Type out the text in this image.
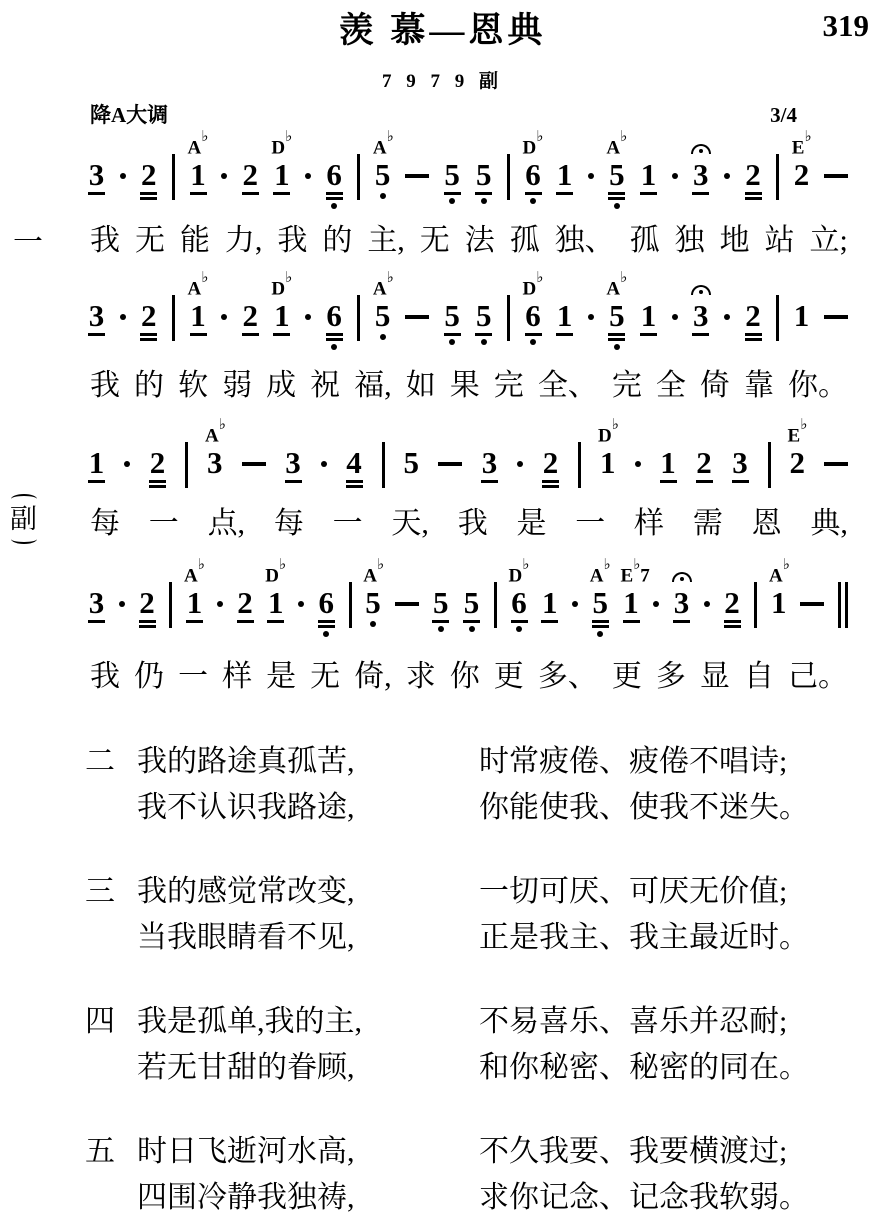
319
羡 慕—恩典
7 9 7 9 副
降A大调	3/4
3 2
A♭
1 2
D♭
1 6
A♭
5 5 5
D♭
6 1
A♭
5 1 3 2
E♭
2
一 我 无 能 力, 我 的 主, 无 法 孤 独、 孤 独 地 站 立;
3 2
A♭
1 2
D♭
1 6
A♭
5 5 5
D♭
6 1
A♭
5 1 3 2 1
我 的 软 弱 成 祝 福, 如 果 完 全、 完 全 倚 靠 你。
1 2
A♭
3 3 4 5 3 2
D♭
1 1 2 3
E♭
2
副 每 一 点, 每 一 天, 我 是 一 样 需 恩 典,
3 2
A♭
1 2
D♭
1 6
A♭
5 5 5
D♭
6 1
A♭
5
E♭7
1 3 2
A♭
1
我 仍 一 样 是 无 倚, 求 你 更 多、 更 多 显 自 己。
二 我的路途真孤苦,	时常疲倦、疲倦不唱诗;
我不认识我路途,	你能使我、使我不迷失。
三 我的感觉常改变,	一切可厌、可厌无价值;
当我眼睛看不见,	正是我主、我主最近时。
四 我是孤单,我的主,	不易喜乐、喜乐并忍耐;
若无甘甜的眷顾,	和你秘密、秘密的同在。
五 时日飞逝河水高,	不久我要、我要横渡过;
四围冷静我独祷,	求你记念、记念我软弱。
